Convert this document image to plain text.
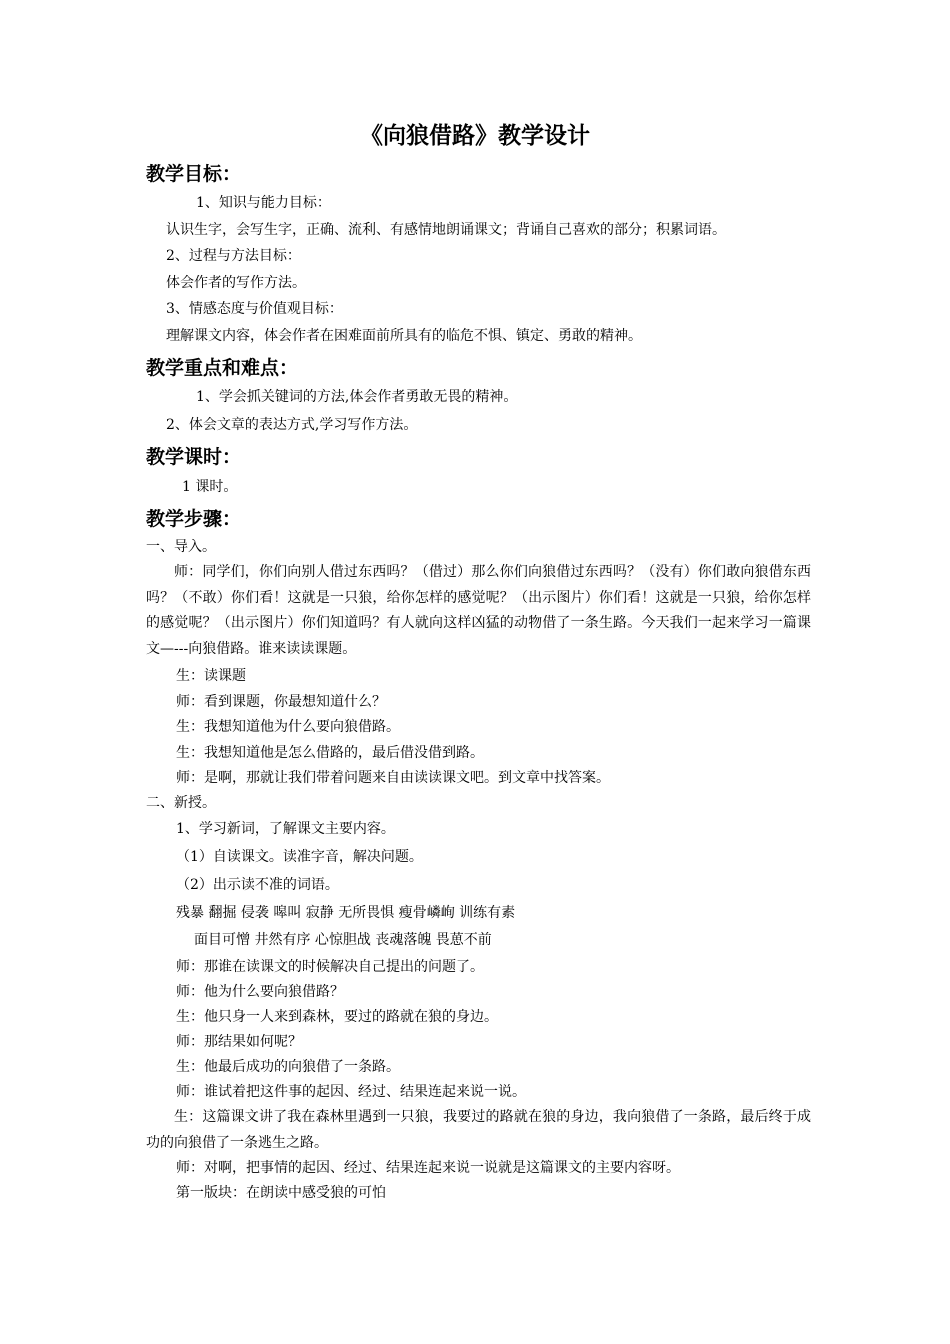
《向狼借路》教学设计
教学目标：
1、知识与能力目标：
认识生字，会写生字，正确、流利、有感情地朗诵课文；背诵自己喜欢的部分；积累词语。
2、过程与方法目标：
体会作者的写作方法。
3、情感态度与价值观目标：
理解课文内容，体会作者在困难面前所具有的临危不惧、镇定、勇敢的精神。
教学重点和难点：
1、学会抓关键词的方法,体会作者勇敢无畏的精神。
2、体会文章的表达方式,学习写作方法。
教学课时：
1 课时。
教学步骤：
一、导入。
师：同学们，你们向别人借过东西吗？（借过）那么你们向狼借过东西吗？（没有）你们敢向狼借东西吗？（不敢）你们看！这就是一只狼，给你怎样的感觉呢？（出示图片）你们看！这就是一只狼，给你怎样的感觉呢？（出示图片）你们知道吗？有人就向这样凶猛的动物借了一条生路。今天我们一起来学习一篇课文—---向狼借路。谁来读读课题。
生：读课题
师：看到课题，你最想知道什么？
生：我想知道他为什么要向狼借路。
生：我想知道他是怎么借路的，最后借没借到路。
师：是啊，那就让我们带着问题来自由读读课文吧。到文章中找答案。
二、新授。
1、学习新词，了解课文主要内容。
（1）自读课文。读准字音，解决问题。
（2）出示读不准的词语。
残暴 翻掘 侵袭 嗥叫 寂静 无所畏惧 瘦骨嶙峋 训练有素
面目可憎 井然有序 心惊胆战 丧魂落魄 畏葸不前
师：那谁在读课文的时候解决自己提出的问题了。
师：他为什么要向狼借路？
生：他只身一人来到森林，要过的路就在狼的身边。
师：那结果如何呢？
生：他最后成功的向狼借了一条路。
师：谁试着把这件事的起因、经过、结果连起来说一说。
生：这篇课文讲了我在森林里遇到一只狼，我要过的路就在狼的身边，我向狼借了一条路，最后终于成功的向狼借了一条逃生之路。
师：对啊，把事情的起因、经过、结果连起来说一说就是这篇课文的主要内容呀。
第一版块：在朗读中感受狼的可怕
